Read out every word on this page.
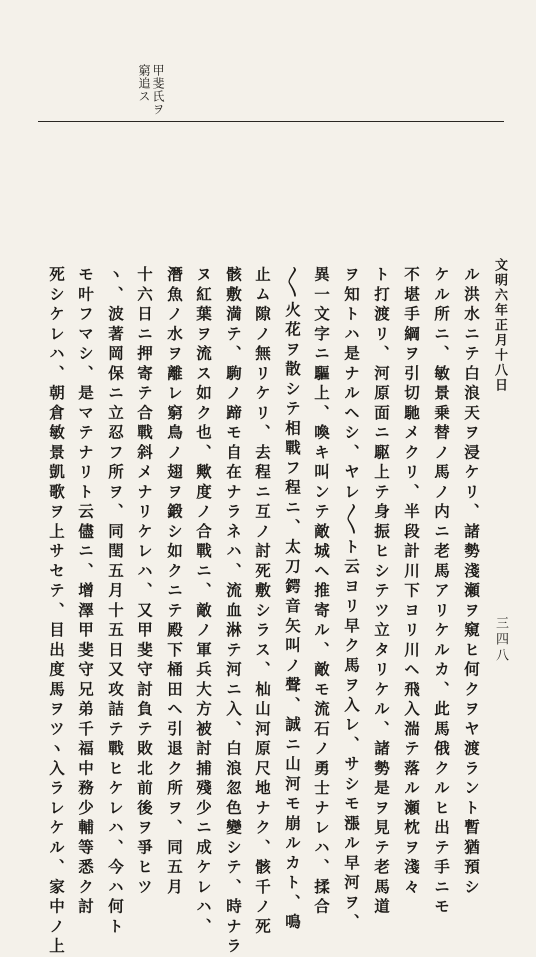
甲斐氏ヲ
窮追ス
三四八
文明六年正月十八日
ル洪水ニテ白浪天ヲ浸ケリ、諸勢淺瀬ヲ窺ヒ何クヲヤ渡ラント暫猶預シ
ケル所ニ、敏景乗替ノ馬ノ内ニ老馬アリケルカ、此馬俄クルヒ出テ手ニモ
不堪手綱ヲ引切馳メクリ、半段計川下ヨリ川ヘ飛入湍テ落ル瀬枕ヲ淺々
ト打渡リ、河原面ニ駆上テ身振ヒシテツ立タリケル、諸勢是ヲ見テ老馬道
ヲ知トハ是ナルヘシ、ヤレ〳〵ト云ヨリ早ク馬ヲ入レ、サシモ漲ル早河ヲ、
異一文字ニ驅上、喚キ叫ンテ敵城ヘ推寄ル、敵モ流石ノ勇士ナレハ、揉合
〳〵火花ヲ散シテ相戰フ程ニ、太刀鍔音矢叫ノ聲、誠ニ山河モ崩ルカト、鳴
止ム隙ノ無リケリ、去程ニ互ノ討死敷シラス、杣山河原尺地ナク、骸千ノ死
骸敷満テ、駒ノ蹄モ自在ナラネハ、流血淋テ河ニ入、白浪忽色變シテ、時ナラ
ヌ紅葉ヲ流ス如ク也、歟度ノ合戰ニ、敵ノ軍兵大方被討捕殘少ニ成ケレハ、
潛魚ノ水ヲ離レ窮鳥ノ翅ヲ鍛シ如クニテ殿下桶田ヘ引退ク所ヲ、同五月
十六日ニ押寄テ合戰斜メナリケレハ、又甲斐守討負テ敗北前後ヲ爭ヒツ
ヽ、波著岡保ニ立忍フ所ヲ、同閏五月十五日又攻詰テ戰ヒケレハ、今ハ何ト
モ叶フマシ、是マテナリト云儘ニ、增澤甲斐守兄弟千福中務少輔等悉ク討
死シケレハ、朝倉敏景凱歌ヲ上サセテ、目出度馬ヲツヽ入ラレケル、家中ノ上
